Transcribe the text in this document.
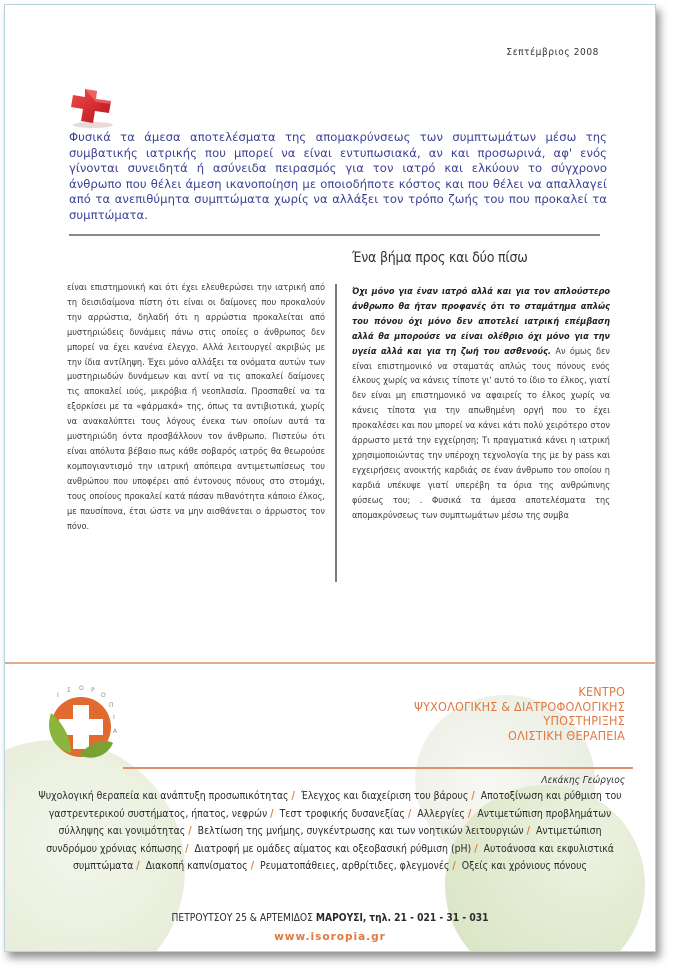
Σεπτέμβριος 2008
Φυσικά τα άμεσα αποτελέσματα της απομακρύνσεως των συμπτωμάτων μέσω της συμβατικής ιατρικής που μπορεί να είναι εντυπωσιακά, αν και προσωρινά, αφ' ενός γίνονται συνειδητά ή ασύνειδα πειρασμός για τον ιατρό και ελκύουν το σύγχρονο άνθρωπο που θέλει άμεση ικανοποίηση με οποιοδήποτε κόστος και που θέλει να απαλλαγεί από τα ανεπιθύμητα συμπτώματα χωρίς να αλλάξει τον τρόπο ζωής του που προκαλεί τα συμπτώματα.
είναι επιστημονική και ότι έχει ελευθερώσει την ιατρική από τη δεισιδαίμονα πίστη ότι είναι οι δαίμονες που προκαλούν την αρρώστια, δηλαδή ότι η αρρώστια προκαλείται από μυστηριώδεις δυνάμεις πάνω στις οποίες ο άνθρωπος δεν μπορεί να έχει κανένα έλεγχο. Αλλά λειτουργεί ακριβώς με την ίδια αντίληψη. Έχει μόνο αλλάξει τα ονόματα αυτών των μυστηριωδών δυνάμεων και αντί να τις αποκαλεί δαίμονες τις αποκαλεί ιούς, μικρόβια ή νεοπλασία. Προσπαθεί να τα εξορκίσει με τα «φάρμακά» της, όπως τα αντιβιοτικά, χωρίς να ανακαλύπτει τους λόγους ένεκα των οποίων αυτά τα μυστηριώδη όντα προσβάλλουν τον άνθρωπο. Πιστεύω ότι είναι απόλυτα βέβαιο πως κάθε σοβαρός ιατρός θα θεωρούσε κομπογιαντισμό την ιατρική απόπειρα αντιμετωπίσεως του ανθρώπου που υποφέρει από έντονους πόνους στο στομάχι, τους οποίους προκαλεί κατά πάσαν πιθανότητα κάποιο έλκος, με παυσίπονα, έτσι ώστε να μην αισθάνεται ο άρρωστος τον πόνο.
Ένα βήμα προς και δύο πίσω
Όχι μόνο για έναν ιατρό αλλά και για τον απλούστερο άνθρωπο θα ήταν προφανές ότι το σταμάτημα απλώς του πόνου όχι μόνο δεν αποτελεί ιατρική επέμβαση αλλά θα μπορούσε να είναι ολέθριο όχι μόνο για την υγεία αλλά και για τη ζωή του ασθενούς. Αν όμως δεν είναι επιστημονικό να σταματάς απλώς τους πόνους ενός έλκους χωρίς να κάνεις τίποτε γι' αυτό το ίδιο το έλκος, γιατί δεν είναι μη επιστημονικό να αφαιρείς το έλκος χωρίς να κάνεις τίποτα για την απωθημένη οργή που το έχει προκαλέσει και που μπορεί να κάνει κάτι πολύ χειρότερο στον άρρωστο μετά την εγχείρηση; Τι πραγματικά κάνει η ιατρική χρησιμοποιώντας την υπέροχη τεχνολογία της με by pass και εγχειρήσεις ανοικτής καρδιάς σε έναν άνθρωπο του οποίου η καρδιά υπέκυψε γιατί υπερέβη τα όρια της ανθρώπινης φύσεως του; . Φυσικά τα άμεσα αποτελέσματα της απομακρύνσεως των συμπτωμάτων μέσω της συμβα
Ι
Σ Ο Ρ
Ο
Π
Ι
Α
ΚΕΝΤΡΟ
ΨΥΧΟΛΟΓΙΚΗΣ & ΔΙΑΤΡΟΦΟΛΟΓΙΚΗΣ
ΥΠΟΣΤΗΡΙΞΗΣ
ΟΛΙΣΤΙΚΗ ΘΕΡΑΠΕΙΑ
Λεκάκης Γεώργιος
Ψυχολογική θεραπεία και ανάπτυξη προσωπικότητας / Έλεγχος και διαχείριση του βάρους / Αποτοξίνωση και ρύθμιση του γαστρεντερικού συστήματος, ήπατος, νεφρών / Τεστ τροφικής δυσανεξίας / Αλλεργίες / Αντιμετώπιση προβλημάτων σύλληψης και γονιμότητας / Βελτίωση της μνήμης, συγκέντρωσης και των νοητικών λειτουργιών / Αντιμετώπιση συνδρόμου χρόνιας κόπωσης / Διατροφή με ομάδες αίματος και οξεοβασική ρύθμιση (pH) / Αυτοάνοσα και εκφυλιστικά συμπτώματα / Διακοπή καπνίσματος / Ρευματοπάθειες, αρθρίτιδες, φλεγμονές / Οξείς και χρόνιους πόνους
ΠΕΤΡΟΥΤΣΟΥ 25 & ΑΡΤΕΜΙΔΟΣ ΜΑΡΟΥΣΙ, τηλ. 21 - 021 - 31 - 031
www.isoropia.gr
